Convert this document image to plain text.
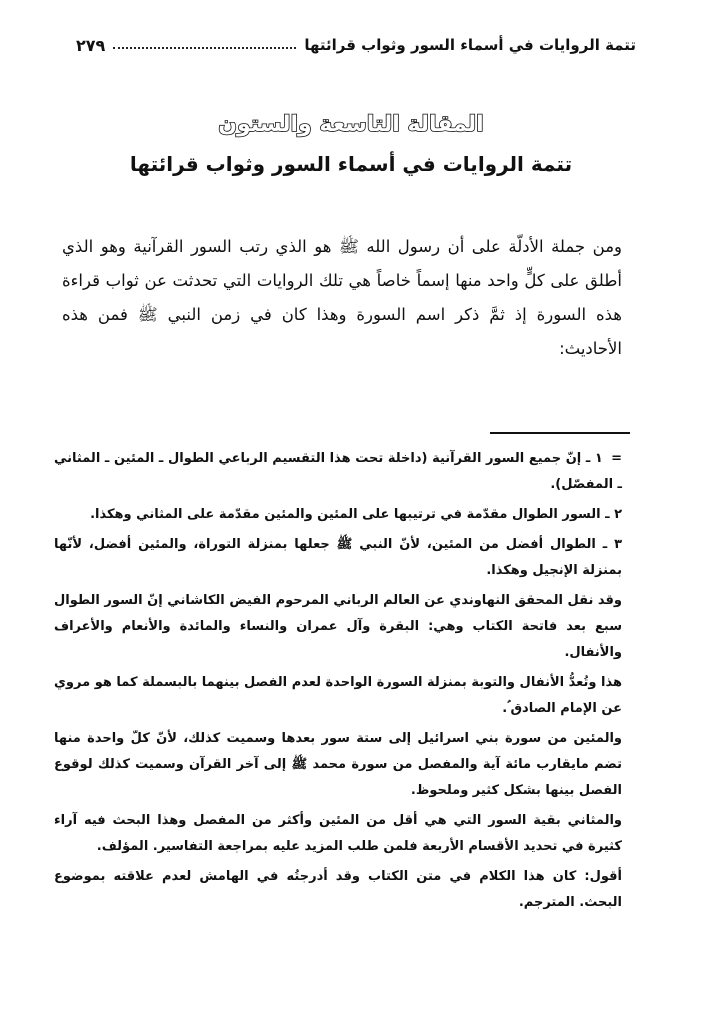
تتمة الروايات في أسماء السور وثواب قرائتها
٢٧٩
المقالة التاسعة والستون
تتمة الروايات في أسماء السور وثواب قرائتها

ومن جملة الأدلّة على أن رسول الله ﷺ هو الذي رتب السور القرآنية وهو الذي أطلق على كلٍّ واحد منها إسماً خاصاً هي تلك الروايات التي تحدثت عن ثواب قراءة هذه السورة إذ ثمَّ ذكر اسم السورة وهذا كان في زمن النبي ﷺ فمن هذه الأحاديث:

= ١ ـ إنّ جميع السور القرآنية (داخلة تحت هذا التقسيم الرباعي الطوال ـ المئين ـ المثاني ـ المفصّل).

٢ ـ السور الطوال مقدّمة في ترتيبها على المئين والمئين مقدّمة على المثاني وهكذا.

٣ ـ الطوال أفضل من المئين، لأنّ النبي ﷺ جعلها بمنزلة التوراة، والمئين أفضل، لأنّها بمنزلة الإنجيل وهكذا.

وقد نقل المحقق النهاوندي عن العالم الرباني المرحوم الفيض الكاشاني إنّ السور الطوال سبع بعد فاتحة الكتاب وهي: البقرة وآل عمران والنساء والمائدة والأنعام والأعراف والأنفال.

هذا وتُعدُّ الأنفال والتوبة بمنزلة السورة الواحدة لعدم الفصل بينهما بالبسملة كما هو مروي عن الإمام الصادق ؑ.

والمئين من سورة بني اسرائيل إلى ستة سور بعدها وسميت كذلك، لأنّ كلّ واحدة منها تضم مايقارب مائة آية والمفصل من سورة محمد ﷺ إلى آخر القرآن وسميت كذلك لوقوع الفصل بينها بشكل كثير وملحوظ.

والمثاني بقية السور التي هي أقل من المئين وأكثر من المفصل وهذا البحث فيه آراء كثيرة في تحديد الأقسام الأربعة فلمن طلب المزيد عليه بمراجعة التفاسير. المؤلف.

أقول: كان هذا الكلام في متن الكتاب وقد أدرجتُه في الهامش لعدم علاقته بموضوع البحث. المترجم.
